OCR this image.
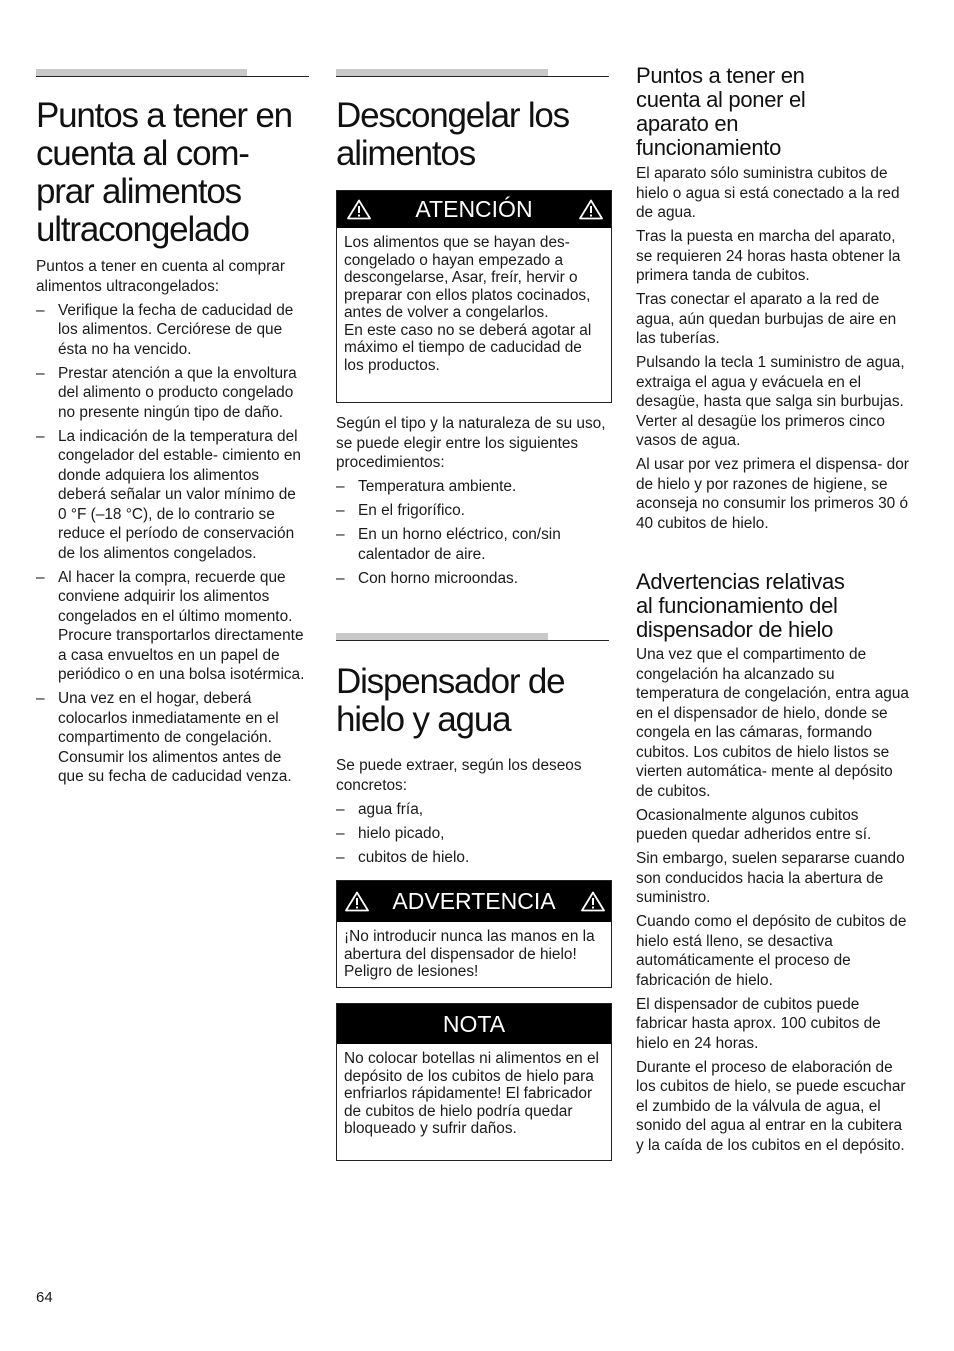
Puntos a tener en
cuenta al com-
prar alimentos
ultracongelado

Puntos a tener en cuenta al comprar alimentos ultracongelados:

– Verifique la fecha de caducidad de los alimentos. Cerciórese de que ésta no ha vencido.
– Prestar atención a que la envoltura del alimento o producto congelado no presente ningún tipo de daño.
– La indicación de la temperatura del congelador del estable- cimiento en donde adquiera los alimentos deberá señalar un valor mínimo de 0 °F (–18 °C), de lo contrario se reduce el período de conservación de los alimentos congelados.
– Al hacer la compra, recuerde que conviene adquirir los alimentos congelados en el último momento. Procure transportarlos directamente a casa envueltos en un papel de periódico o en una bolsa isotérmica.
– Una vez en el hogar, deberá colocarlos inmediatamente en el compartimento de congelación. Consumir los alimentos antes de que su fecha de caducidad venza.
Descongelar los
alimentos
ATENCIÓN

Los alimentos que se hayan des- congelado o hayan empezado a descongelarse, Asar, freír, hervir o preparar con ellos platos cocinados, antes de volver a congelarlos.

En este caso no se deberá agotar al máximo el tiempo de caducidad de los productos.

Según el tipo y la naturaleza de su uso, se puede elegir entre los siguientes procedimientos:

– Temperatura ambiente.
– En el frigorífico.
– En un horno eléctrico, con/sin calentador de aire.
– Con horno microondas.
Dispensador de
hielo y agua

Se puede extraer, según los deseos concretos:

– agua fría,
– hielo picado,
– cubitos de hielo.
ADVERTENCIA

¡No introducir nunca las manos en la abertura del dispensador de hielo! Peligro de lesiones!

NOTA

No colocar botellas ni alimentos en el depósito de los cubitos de hielo para enfriarlos rápidamente! El fabricador de cubitos de hielo podría quedar bloqueado y sufrir daños.

Puntos a tener en
cuenta al poner el
aparato en
funcionamiento

El aparato sólo suministra cubitos de hielo o agua si está conectado a la red de agua.

Tras la puesta en marcha del aparato, se requieren 24 horas hasta obtener la primera tanda de cubitos.

Tras conectar el aparato a la red de agua, aún quedan burbujas de aire en las tuberías.

Pulsando la tecla 1 suministro de agua, extraiga el agua y evácuela en el desagüe, hasta que salga sin burbujas. Verter al desagüe los primeros cinco vasos de agua.

Al usar por vez primera el dispensa- dor de hielo y por razones de higiene, se aconseja no consumir los primeros 30 ó 40 cubitos de hielo.

Advertencias relativas
al funcionamiento del
dispensador de hielo

Una vez que el compartimento de congelación ha alcanzado su temperatura de congelación, entra agua en el dispensador de hielo, donde se congela en las cámaras, formando cubitos. Los cubitos de hielo listos se vierten automática- mente al depósito de cubitos.

Ocasionalmente algunos cubitos pueden quedar adheridos entre sí.

Sin embargo, suelen separarse cuando son conducidos hacia la abertura de suministro.

Cuando como el depósito de cubitos de hielo está lleno, se desactiva automáticamente el proceso de fabricación de hielo.

El dispensador de cubitos puede fabricar hasta aprox. 100 cubitos de hielo en 24 horas.

Durante el proceso de elaboración de los cubitos de hielo, se puede escuchar el zumbido de la válvula de agua, el sonido del agua al entrar en la cubitera y la caída de los cubitos en el depósito.

64
